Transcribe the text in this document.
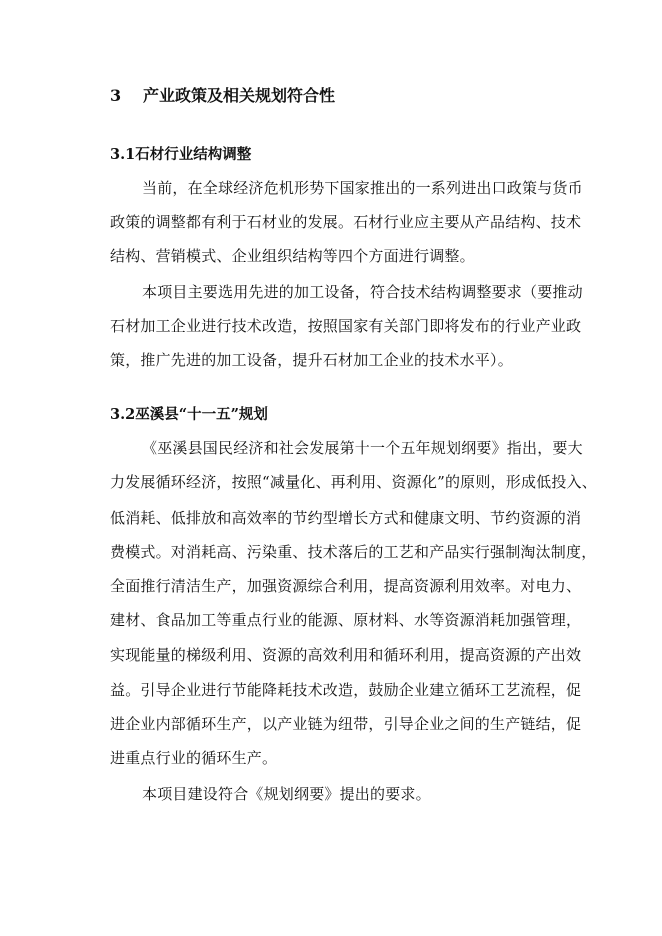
3 产业政策及相关规划符合性
3.1石材行业结构调整
当前，在全球经济危机形势下国家推出的一系列进出口政策与货币
政策的调整都有利于石材业的发展。石材行业应主要从产品结构、技术
结构、营销模式、企业组织结构等四个方面进行调整。
本项目主要选用先进的加工设备，符合技术结构调整要求（要推动
石材加工企业进行技术改造，按照国家有关部门即将发布的行业产业政
策，推广先进的加工设备，提升石材加工企业的技术水平）。
3.2巫溪县“十一五”规划
《巫溪县国民经济和社会发展第十一个五年规划纲要》指出，要大
力发展循环经济，按照“减量化、再利用、资源化”的原则，形成低投入、
低消耗、低排放和高效率的节约型增长方式和健康文明、节约资源的消
费模式。对消耗高、污染重、技术落后的工艺和产品实行强制淘汰制度，
全面推行清洁生产，加强资源综合利用，提高资源利用效率。对电力、
建材、食品加工等重点行业的能源、原材料、水等资源消耗加强管理，
实现能量的梯级利用、资源的高效利用和循环利用，提高资源的产出效
益。引导企业进行节能降耗技术改造，鼓励企业建立循环工艺流程，促
进企业内部循环生产，以产业链为纽带，引导企业之间的生产链结，促
进重点行业的循环生产。
本项目建设符合《规划纲要》提出的要求。
